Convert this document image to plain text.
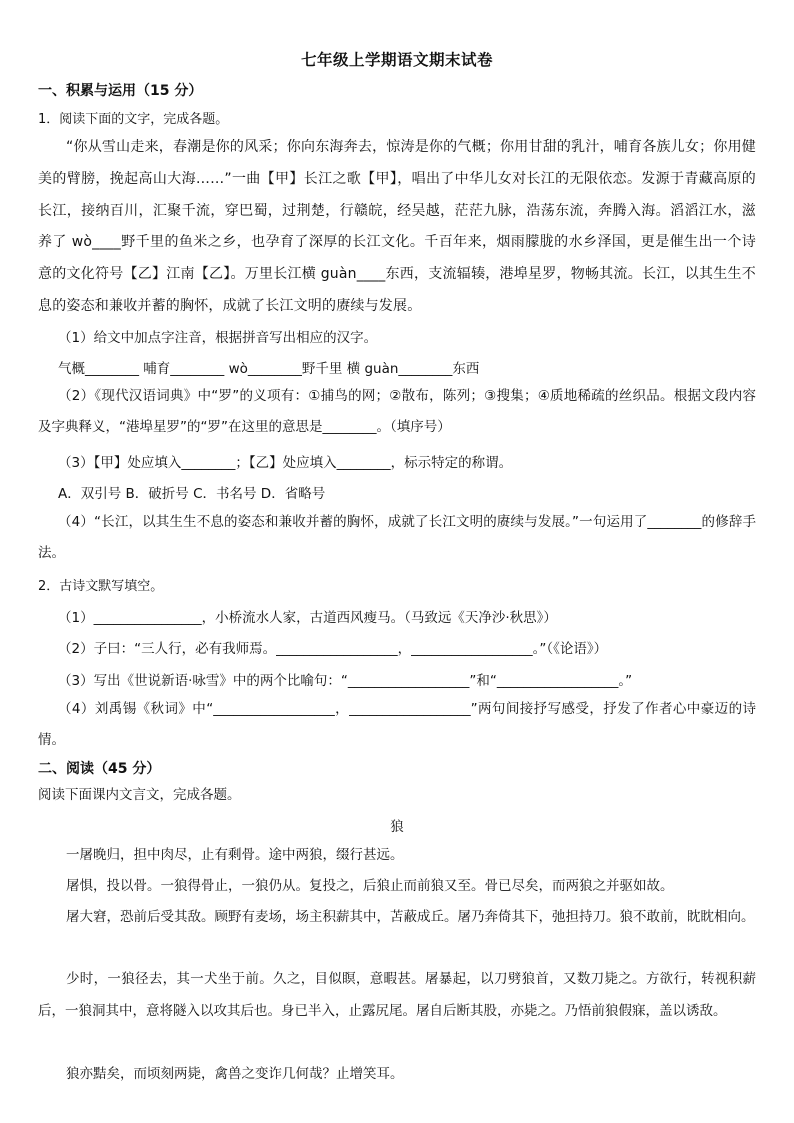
七年级上学期语文期末试卷
一、积累与运用（15 分）
1．阅读下面的文字，完成各题。
“你从雪山走来，春潮是你的风采；你向东海奔去，惊涛是你的气概；你用甘甜的乳汁，哺育各族儿女；你用健美的臂膀，挽起高山大海……”一曲【甲】长江之歌【甲】，唱出了中华儿女对长江的无限依恋。发源于青藏高原的长江，接纳百川，汇聚千流，穿巴蜀，过荆楚，行赣皖，经吴越，茫茫九脉，浩荡东流，奔腾入海。滔滔江水，滋养了 wò____野千里的鱼米之乡，也孕育了深厚的长江文化。千百年来，烟雨朦胧的水乡泽国，更是催生出一个诗意的文化符号【乙】江南【乙】。万里长江横 guàn____东西，支流辐辏，港埠星罗，物畅其流。长江，以其生生不息的姿态和兼收并蓄的胸怀，成就了长江文明的赓续与发展。
（1）给文中加点字注音，根据拼音写出相应的汉字。
气概________ 哺育________ wò________野千里 横 guàn________东西
（2）《现代汉语词典》中“罗”的义项有：①捕鸟的网；②散布，陈列；③搜集；④质地稀疏的丝织品。根据文段内容及字典释义，“港埠星罗”的“罗”在这里的意思是________。（填序号）
（3）【甲】处应填入________；【乙】处应填入________，标示特定的称谓。
A．双引号 B．破折号 C．书名号 D．省略号
（4）“长江，以其生生不息的姿态和兼收并蓄的胸怀，成就了长江文明的赓续与发展。”一句运用了________的修辞手法。
2．古诗文默写填空。
（1）________________，小桥流水人家，古道西风瘦马。（马致远《天净沙·秋思》）
（2）子曰：“三人行，必有我师焉。__________________，__________________。”（《论语》）
（3）写出《世说新语·咏雪》中的两个比喻句：“__________________”和“__________________。”
（4）刘禹锡《秋词》中“__________________，__________________”两句间接抒写感受，抒发了作者心中豪迈的诗情。
二、阅读（45 分）
阅读下面课内文言文，完成各题。
狼
一屠晚归，担中肉尽，止有剩骨。途中两狼，缀行甚远。
屠惧，投以骨。一狼得骨止，一狼仍从。复投之，后狼止而前狼又至。骨已尽矣，而两狼之并驱如故。
屠大窘，恐前后受其敌。顾野有麦场，场主积薪其中，苫蔽成丘。屠乃奔倚其下，弛担持刀。狼不敢前，眈眈相向。
少时，一狼径去，其一犬坐于前。久之，目似瞑，意暇甚。屠暴起，以刀劈狼首，又数刀毙之。方欲行，转视积薪后，一狼洞其中，意将隧入以攻其后也。身已半入，止露尻尾。屠自后断其股，亦毙之。乃悟前狼假寐，盖以诱敌。
狼亦黠矣，而顷刻两毙，禽兽之变诈几何哉？止增笑耳。
